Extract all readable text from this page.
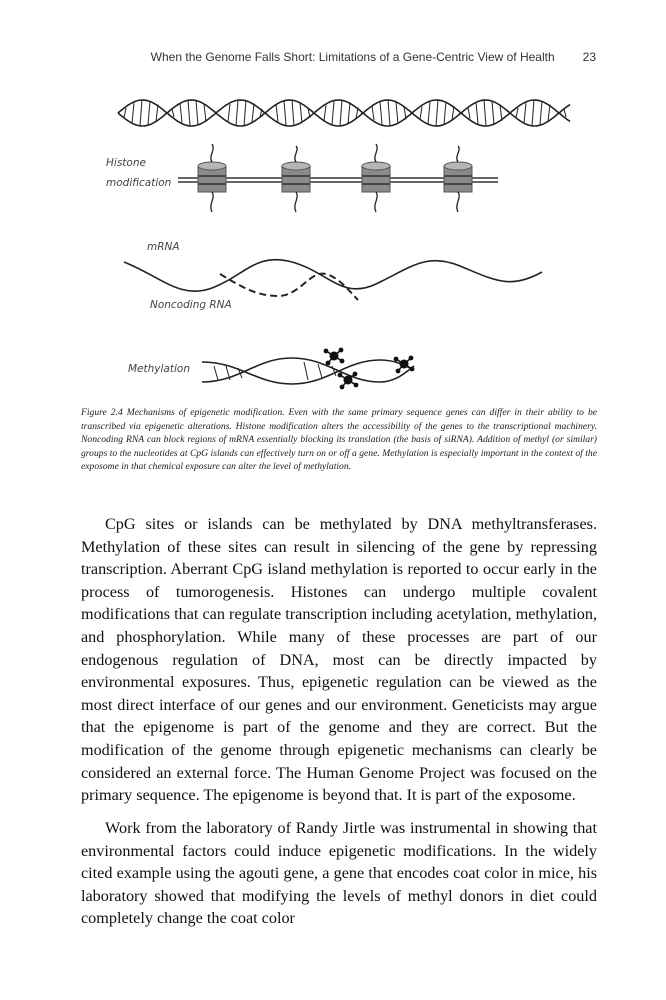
When the Genome Falls Short: Limitations of a Gene-Centric View of Health 23
Histone
modification
mRNA
Noncoding RNA
Methylation
Figure 2.4 Mechanisms of epigenetic modification. Even with the same primary sequence genes can differ in their ability to be transcribed via epigenetic alterations. Histone modification alters the accessibility of the genes to the transcriptional machinery. Noncoding RNA can block regions of mRNA essentially blocking its translation (the basis of siRNA). Addition of methyl (or similar) groups to the nucleotides at CpG islands can effectively turn on or off a gene. Methylation is especially important in the context of the exposome in that chemical exposure can alter the level of methylation.

CpG sites or islands can be methylated by DNA methyltransferases. Methylation of these sites can result in silencing of the gene by repressing transcription. Aberrant CpG island methylation is reported to occur early in the process of tumorogenesis. Histones can undergo multiple covalent modifications that can regulate transcription including acetylation, methylation, and phosphorylation. While many of these processes are part of our endogenous regulation of DNA, most can be directly impacted by environmental exposures. Thus, epigenetic regulation can be viewed as the most direct interface of our genes and our environment. Geneticists may argue that the epigenome is part of the genome and they are correct. But the modification of the genome through epigenetic mechanisms can clearly be considered an external force. The Human Genome Project was focused on the primary sequence. The epigenome is beyond that. It is part of the exposome.

Work from the laboratory of Randy Jirtle was instrumental in showing that environmental factors could induce epigenetic modifications. In the widely cited example using the agouti gene, a gene that encodes coat color in mice, his laboratory showed that modifying the levels of methyl donors in diet could completely change the coat color
